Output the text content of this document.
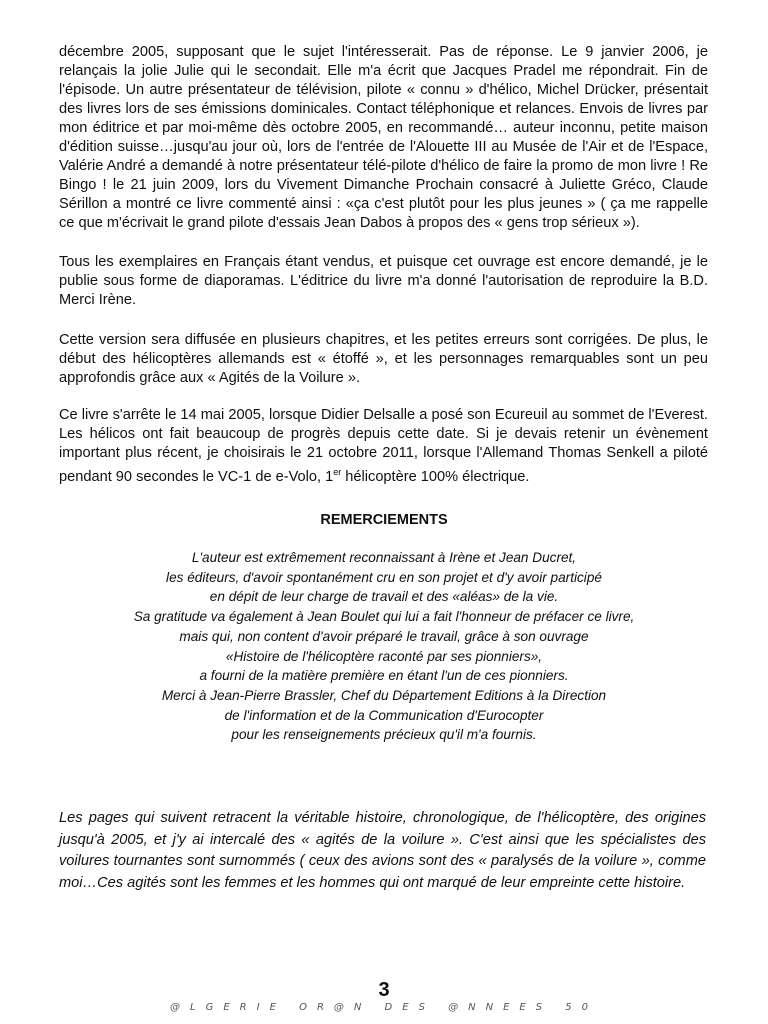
décembre 2005, supposant que le sujet l'intéresserait. Pas de réponse. Le 9 janvier 2006, je relançais la jolie Julie qui le secondait. Elle m'a écrit que Jacques Pradel me répondrait. Fin de l'épisode. Un autre présentateur de télévision, pilote « connu » d'hélico, Michel Drücker, présentait des livres lors de ses émissions dominicales. Contact téléphonique et relances. Envois de livres par mon éditrice et par moi-même dès octobre 2005, en recommandé… auteur inconnu, petite maison d'édition suisse…jusqu'au jour où, lors de l'entrée de l'Alouette III au Musée de l'Air et de l'Espace, Valérie André a demandé à notre présentateur télé-pilote d'hélico de faire la promo de mon livre ! Re Bingo ! le 21 juin 2009, lors du Vivement Dimanche Prochain consacré à Juliette Gréco, Claude Sérillon a montré ce livre commenté ainsi : «ça c'est plutôt pour les plus jeunes » ( ça me rappelle ce que m'écrivait le grand pilote d'essais Jean Dabos à propos des « gens trop sérieux »).

Tous les exemplaires en Français étant vendus, et puisque cet ouvrage est encore demandé, je le publie sous forme de diaporamas. L'éditrice du livre m'a donné l'autorisation de reproduire la B.D. Merci Irène.

Cette version sera diffusée en plusieurs chapitres, et les petites erreurs sont corrigées. De plus, le début des hélicoptères allemands est « étoffé », et les personnages remarquables sont un peu approfondis grâce aux « Agités de la Voilure ».

Ce livre s'arrête le 14 mai 2005, lorsque Didier Delsalle a posé son Ecureuil au sommet de l'Everest. Les hélicos ont fait beaucoup de progrès depuis cette date. Si je devais retenir un évènement important plus récent, je choisirais le 21 octobre 2011, lorsque l'Allemand Thomas Senkell a piloté pendant 90 secondes le VC-1 de e-Volo, 1er hélicoptère 100% électrique.

REMERCIEMENTS
L'auteur est extrêmement reconnaissant à Irène et Jean Ducret,
les éditeurs, d'avoir spontanément cru en son projet et d'y avoir participé
en dépit de leur charge de travail et des «aléas» de la vie.
Sa gratitude va également à Jean Boulet qui lui a fait l'honneur de préfacer ce livre,
mais qui, non content d'avoir préparé le travail, grâce à son ouvrage
«Histoire de l'hélicoptère raconté par ses pionniers»,
a fourni de la matière première en étant l'un de ces pionniers.
Merci à Jean-Pierre Brassler, Chef du Département Editions à la Direction
de l'information et de la Communication d'Eurocopter
pour les renseignements précieux qu'il m'a fournis.

Les pages qui suivent retracent la véritable histoire, chronologique, de l'hélicoptère, des origines jusqu'à 2005, et j'y ai intercalé des « agités de la voilure ». C'est ainsi que les spécialistes des voilures tournantes sont surnommés ( ceux des avions sont des « paralysés de la voilure », comme moi…Ces agités sont les femmes et les hommes qui ont marqué de leur empreinte cette histoire.

3
@LGERIE OR@N DES @NNEES 50
